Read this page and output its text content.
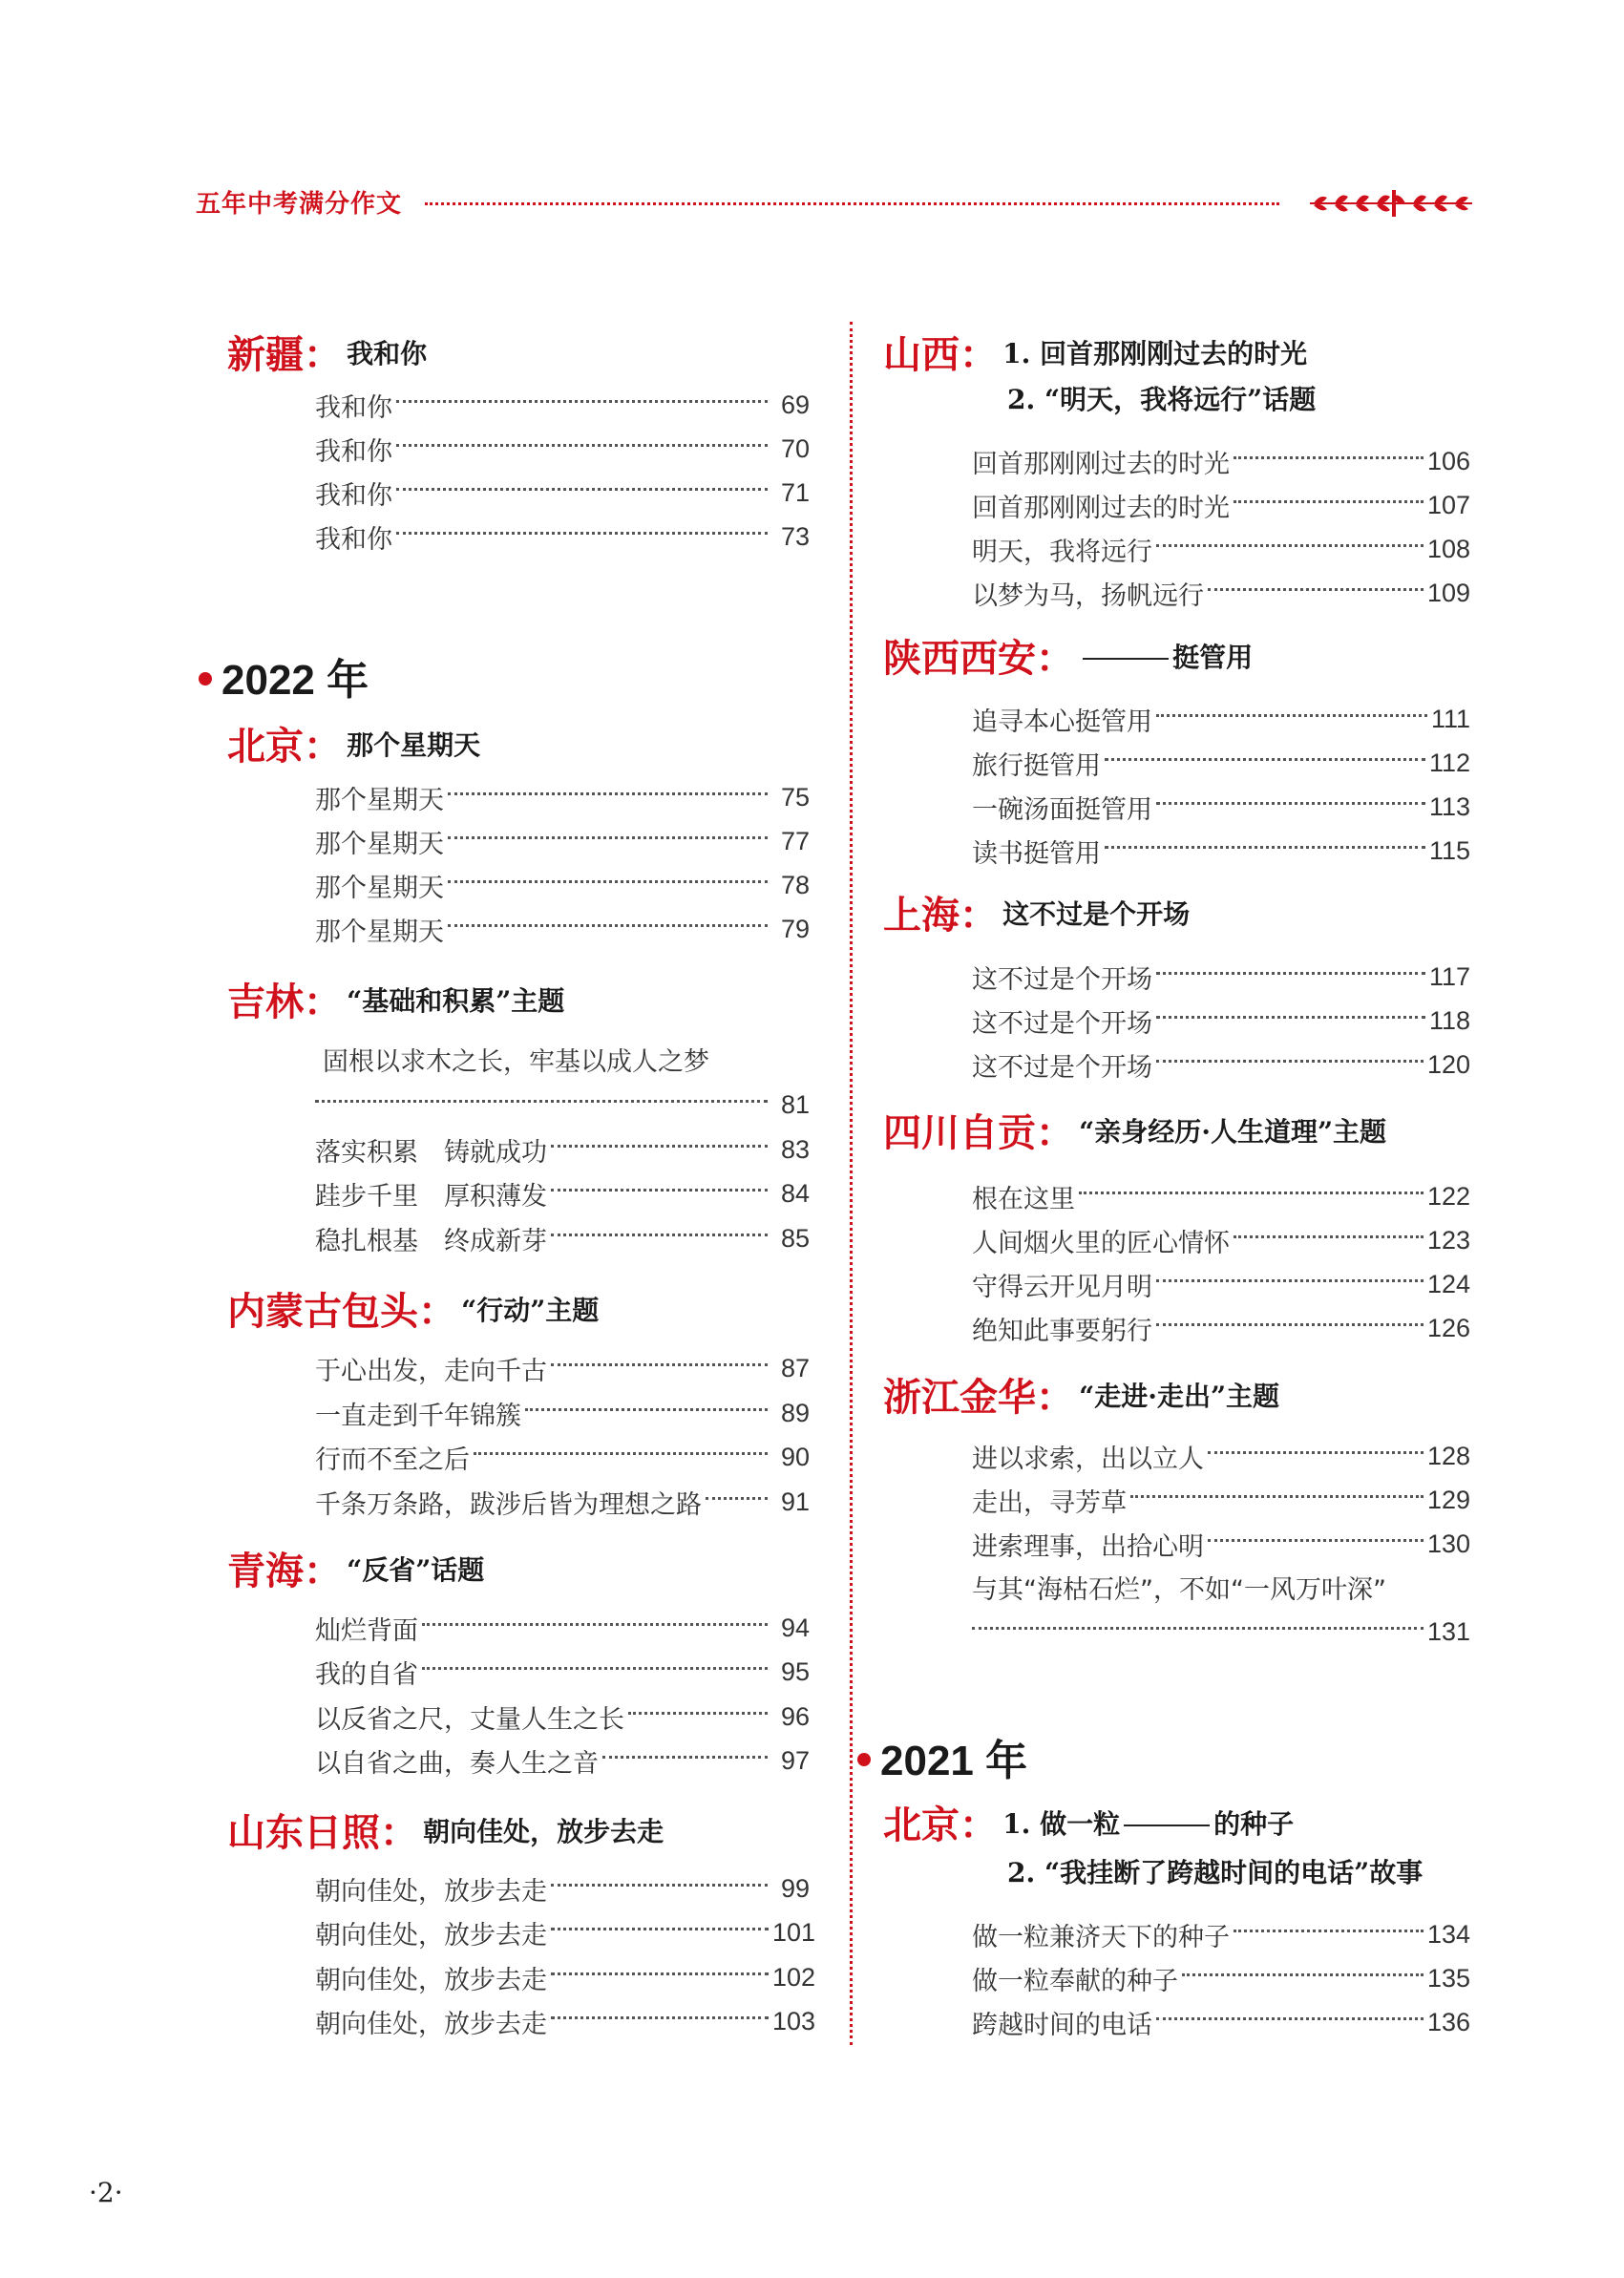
五年中考满分作文
新疆： 我和你
我和你	69
我和你	70
我和你	71
我和你	73
2022 年
北京： 那个星期天
那个星期天	75
那个星期天	77
那个星期天	78
那个星期天	79
吉林： “基础和积累”主题
固根以求木之长，牢基以成人之梦
81
落实积累　铸就成功	83
跬步千里　厚积薄发	84
稳扎根基　终成新芽	85
内蒙古包头： “行动”主题
于心出发，走向千古	87
一直走到千年锦簇	89
行而不至之后	90
千条万条路，跋涉后皆为理想之路	91
青海： “反省”话题
灿烂背面	94
我的自省	95
以反省之尺，丈量人生之长	96
以自省之曲，奏人生之音	97
山东日照： 朝向佳处，放步去走
朝向佳处，放步去走	99
朝向佳处，放步去走	101
朝向佳处，放步去走	102
朝向佳处，放步去走	103
山西： 1. 回首那刚刚过去的时光
2. “明天，我将远行”话题
回首那刚刚过去的时光	106
回首那刚刚过去的时光	107
明天，我将远行	108
以梦为马，扬帆远行	109
陕西西安：	挺管用
追寻本心挺管用	111
旅行挺管用	112
一碗汤面挺管用	113
读书挺管用	115
上海： 这不过是个开场
这不过是个开场	117
这不过是个开场	118
这不过是个开场	120
四川自贡： “亲身经历·人生道理”主题
根在这里	122
人间烟火里的匠心情怀	123
守得云开见月明	124
绝知此事要躬行	126
浙江金华： “走进·走出”主题
进以求索，出以立人	128
走出，寻芳草	129
进索理事，出拾心明	130
与其“海枯石烂”，不如“一风万叶深”
131
2021 年
北京： 1. 做一粒	的种子
2. “我挂断了跨越时间的电话”故事
做一粒兼济天下的种子	134
做一粒奉献的种子	135
跨越时间的电话	136
·2·
